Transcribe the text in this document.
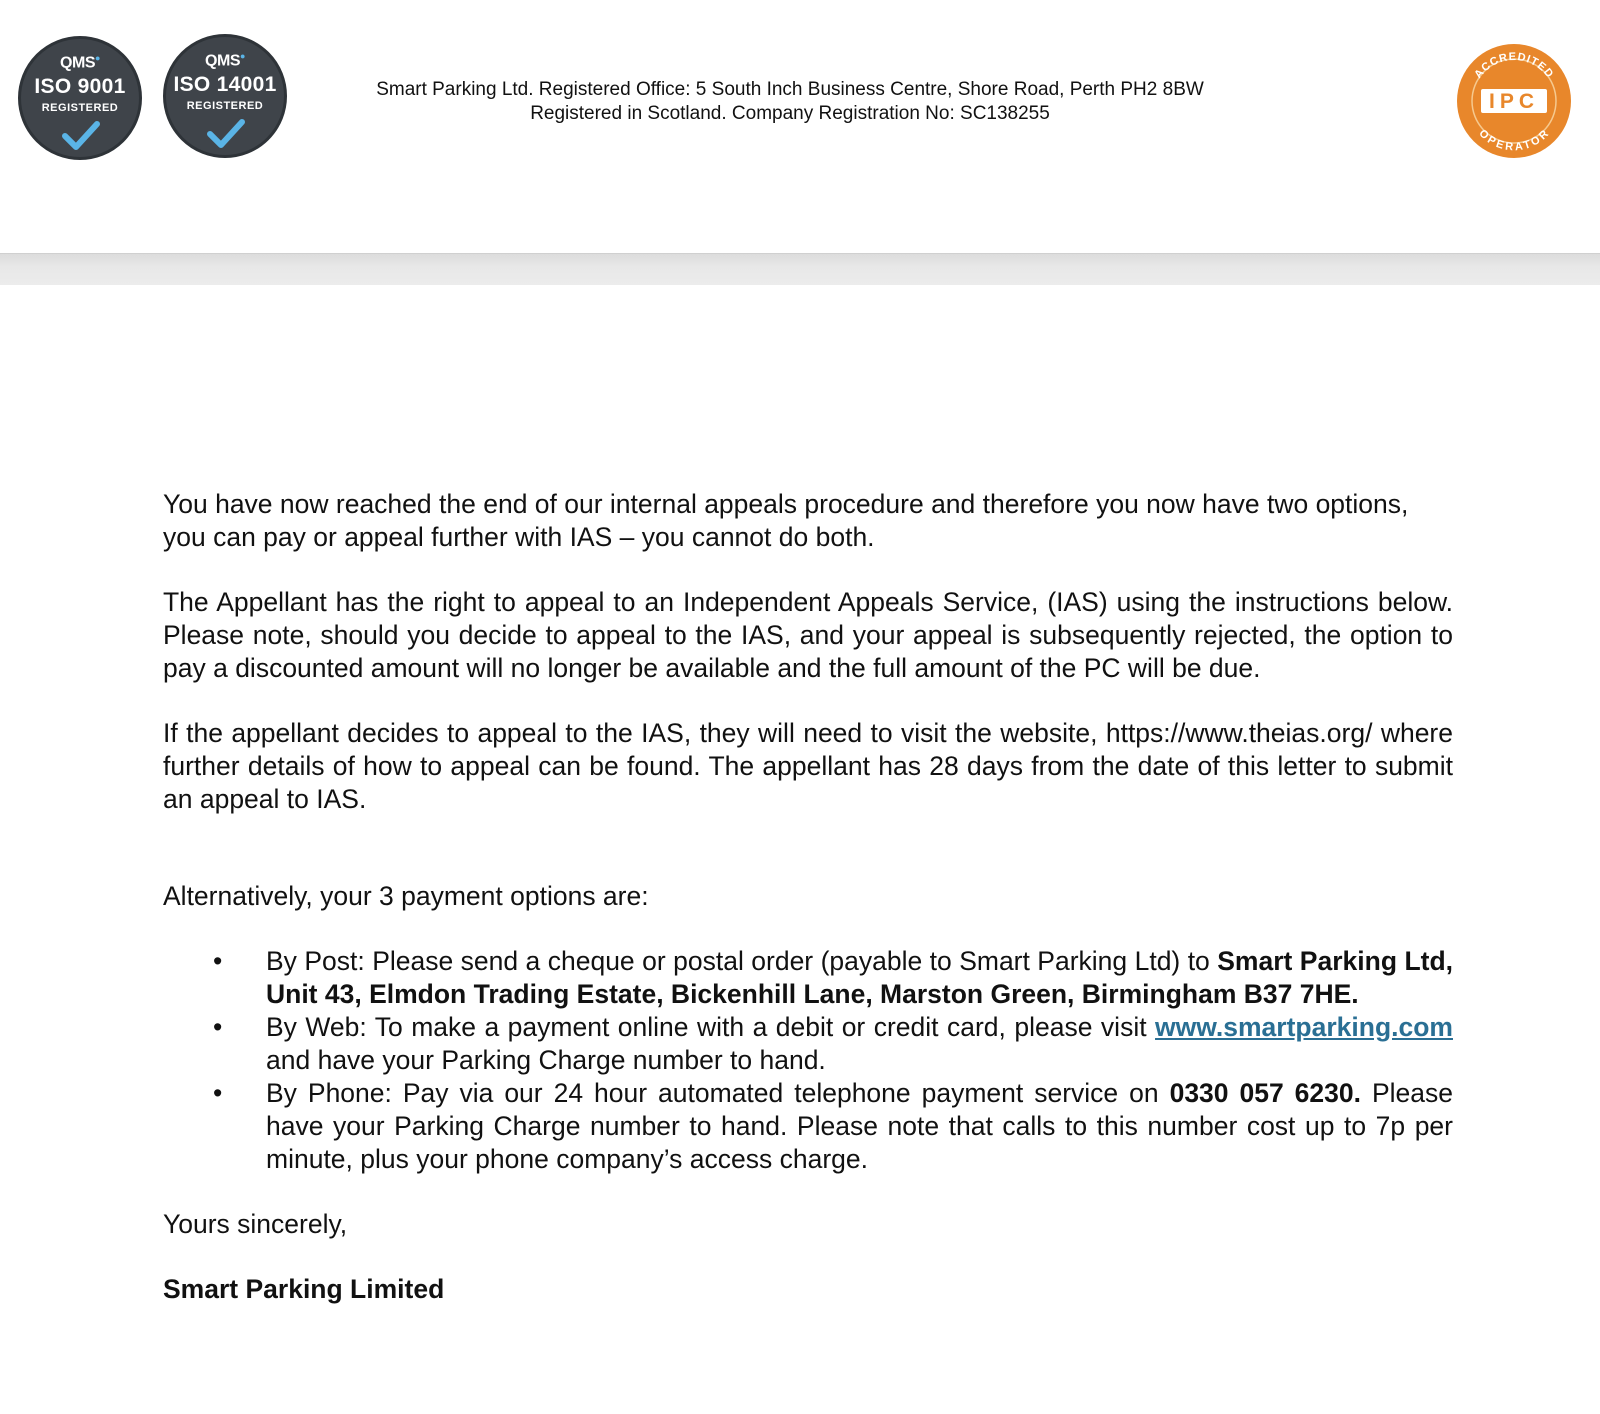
QMS●
ISO 9001
REGISTERED
QMS●
ISO 14001
REGISTERED
Smart Parking Ltd. Registered Office: 5 South Inch Business Centre, Shore Road, Perth PH2 8BW
Registered in Scotland. Company Registration No: SC138255
ACCREDITED
OPERATOR
IPC

You have now reached the end of our internal appeals procedure and therefore you now have two options, you can pay or appeal further with IAS – you cannot do both.

The Appellant has the right to appeal to an Independent Appeals Service, (IAS) using the instructions below. Please note, should you decide to appeal to the IAS, and your appeal is subsequently rejected, the option to pay a discounted amount will no longer be available and the full amount of the PC will be due.

If the appellant decides to appeal to the IAS, they will need to visit the website, https://www.theias.org/ where further details of how to appeal can be found. The appellant has 28 days from the date of this letter to submit an appeal to IAS.

Alternatively, your 3 payment options are:

• By Post: Please send a cheque or postal order (payable to Smart Parking Ltd) to Smart Parking Ltd, Unit 43, Elmdon Trading Estate, Bickenhill Lane, Marston Green, Birmingham B37 7HE.
• By Web: To make a payment online with a debit or credit card, please visit www.smartparking.com and have your Parking Charge number to hand.
• By Phone: Pay via our 24 hour automated telephone payment service on 0330 057 6230. Please have your Parking Charge number to hand. Please note that calls to this number cost up to 7p per minute, plus your phone company’s access charge.

Yours sincerely,

Smart Parking Limited
